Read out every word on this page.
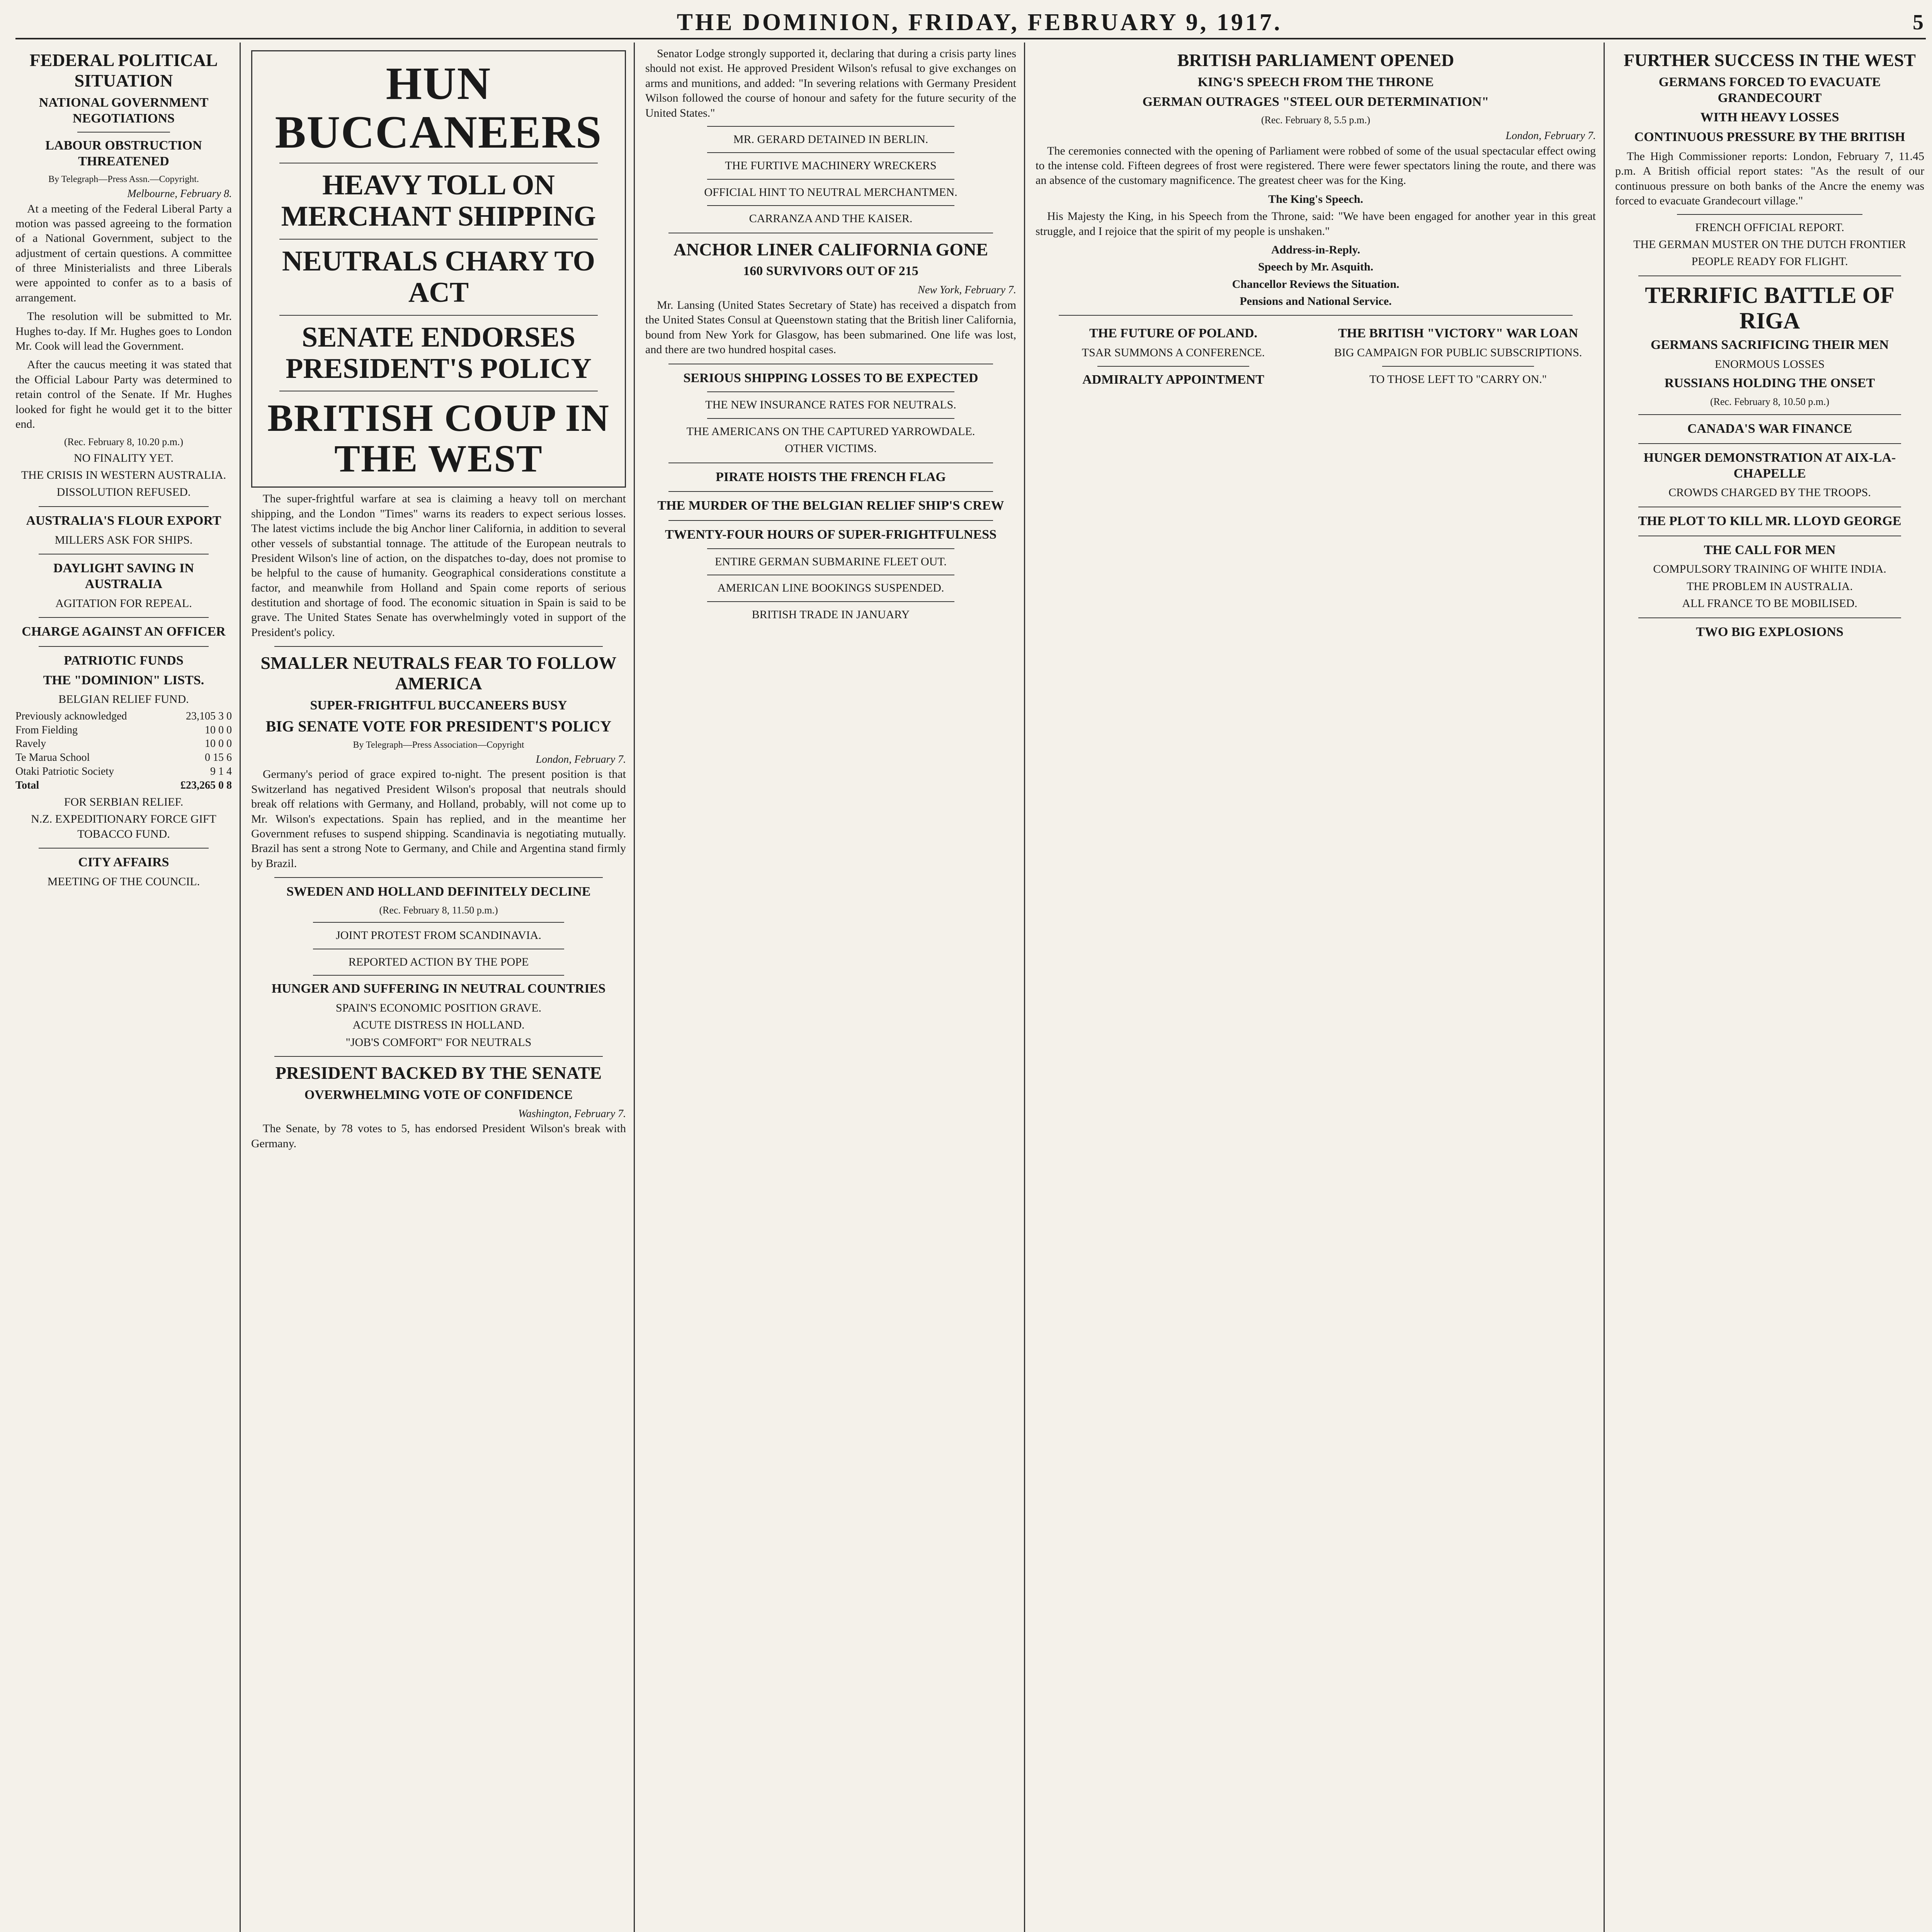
THE DOMINION, FRIDAY, FEBRUARY 9, 1917.	5
FEDERAL POLITICAL SITUATION
NATIONAL GOVERNMENT NEGOTIATIONS
LABOUR OBSTRUCTION THREATENED
By Telegraph—Press Assn.—Copyright.
Melbourne, February 8.

At a meeting of the Federal Liberal Party a motion was passed agreeing to the formation of a National Government, subject to the adjustment of certain questions. A committee of three Ministerialists and three Liberals were appointed to confer as to a basis of arrangement.

The resolution will be submitted to Mr. Hughes to-day. If Mr. Hughes goes to London Mr. Cook will lead the Government.

After the caucus meeting it was stated that the Official Labour Party was determined to retain control of the Senate. If Mr. Hughes looked for fight he would get it to the bitter end.

(Rec. February 8, 10.20 p.m.)
NO FINALITY YET.
THE CRISIS IN WESTERN AUSTRALIA.
DISSOLUTION REFUSED.
AUSTRALIA'S FLOUR EXPORT
MILLERS ASK FOR SHIPS.
DAYLIGHT SAVING IN AUSTRALIA
AGITATION FOR REPEAL.
CHARGE AGAINST AN OFFICER
PATRIOTIC FUNDS
THE "DOMINION" LISTS.
BELGIAN RELIEF FUND.
Previously acknowledged	23,105 3 0
From Fielding	10 0 0
Ravely	10 0 0
Te Marua School	0 15 6
Otaki Patriotic Society	9 1 4
Total	£23,265 0 8
FOR SERBIAN RELIEF.
N.Z. EXPEDITIONARY FORCE GIFT TOBACCO FUND.
CITY AFFAIRS
MEETING OF THE COUNCIL.
HUN BUCCANEERS
HEAVY TOLL ON MERCHANT SHIPPING
NEUTRALS CHARY TO ACT
SENATE ENDORSES PRESIDENT'S POLICY
BRITISH COUP IN THE WEST

The super-frightful warfare at sea is claiming a heavy toll on merchant shipping, and the London "Times" warns its readers to expect serious losses. The latest victims include the big Anchor liner California, in addition to several other vessels of substantial tonnage. The attitude of the European neutrals to President Wilson's line of action, on the dispatches to-day, does not promise to be helpful to the cause of humanity. Geographical considerations constitute a factor, and meanwhile from Holland and Spain come reports of serious destitution and shortage of food. The economic situation in Spain is said to be grave. The United States Senate has overwhelmingly voted in support of the President's policy.

SMALLER NEUTRALS FEAR TO FOLLOW AMERICA
SUPER-FRIGHTFUL BUCCANEERS BUSY
BIG SENATE VOTE FOR PRESIDENT'S POLICY
By Telegraph—Press Association—Copyright
London, February 7.

Germany's period of grace expired to-night. The present position is that Switzerland has negatived President Wilson's proposal that neutrals should break off relations with Germany, and Holland, probably, will not come up to Mr. Wilson's expectations. Spain has replied, and in the meantime her Government refuses to suspend shipping. Scandinavia is negotiating mutually. Brazil has sent a strong Note to Germany, and Chile and Argentina stand firmly by Brazil.

SWEDEN AND HOLLAND DEFINITELY DECLINE
(Rec. February 8, 11.50 p.m.)
JOINT PROTEST FROM SCANDINAVIA.
REPORTED ACTION BY THE POPE
HUNGER AND SUFFERING IN NEUTRAL COUNTRIES
SPAIN'S ECONOMIC POSITION GRAVE.
ACUTE DISTRESS IN HOLLAND.
"JOB'S COMFORT" FOR NEUTRALS
PRESIDENT BACKED BY THE SENATE
OVERWHELMING VOTE OF CONFIDENCE
Washington, February 7.

The Senate, by 78 votes to 5, has endorsed President Wilson's break with Germany.

Senator Lodge strongly supported it, declaring that during a crisis party lines should not exist. He approved President Wilson's refusal to give exchanges on arms and munitions, and added: "In severing relations with Germany President Wilson followed the course of honour and safety for the future security of the United States."

MR. GERARD DETAINED IN BERLIN.
THE FURTIVE MACHINERY WRECKERS
OFFICIAL HINT TO NEUTRAL MERCHANTMEN.
CARRANZA AND THE KAISER.
ANCHOR LINER CALIFORNIA GONE
160 SURVIVORS OUT OF 215
New York, February 7.

Mr. Lansing (United States Secretary of State) has received a dispatch from the United States Consul at Queenstown stating that the British liner California, bound from New York for Glasgow, has been submarined. One life was lost, and there are two hundred hospital cases.

SERIOUS SHIPPING LOSSES TO BE EXPECTED
THE NEW INSURANCE RATES FOR NEUTRALS.
THE AMERICANS ON THE CAPTURED YARROWDALE.
OTHER VICTIMS.
PIRATE HOISTS THE FRENCH FLAG
THE MURDER OF THE BELGIAN RELIEF SHIP'S CREW
TWENTY-FOUR HOURS OF SUPER-FRIGHTFULNESS
ENTIRE GERMAN SUBMARINE FLEET OUT.
AMERICAN LINE BOOKINGS SUSPENDED.
BRITISH TRADE IN JANUARY
BRITISH PARLIAMENT OPENED
KING'S SPEECH FROM THE THRONE
GERMAN OUTRAGES "STEEL OUR DETERMINATION"
(Rec. February 8, 5.5 p.m.)
London, February 7.

The ceremonies connected with the opening of Parliament were robbed of some of the usual spectacular effect owing to the intense cold. Fifteen degrees of frost were registered. There were fewer spectators lining the route, and there was an absence of the customary magnificence. The greatest cheer was for the King.

The King's Speech.

His Majesty the King, in his Speech from the Throne, said: "We have been engaged for another year in this great struggle, and I rejoice that the spirit of my people is unshaken."

Address-in-Reply.
Speech by Mr. Asquith.
Chancellor Reviews the Situation.
Pensions and National Service.
THE FUTURE OF POLAND.
TSAR SUMMONS A CONFERENCE.
ADMIRALTY APPOINTMENT
THE BRITISH "VICTORY" WAR LOAN
BIG CAMPAIGN FOR PUBLIC SUBSCRIPTIONS.
TO THOSE LEFT TO "CARRY ON."
FURTHER SUCCESS IN THE WEST
GERMANS FORCED TO EVACUATE GRANDECOURT
WITH HEAVY LOSSES
CONTINUOUS PRESSURE BY THE BRITISH

The High Commissioner reports: London, February 7, 11.45 p.m. A British official report states: "As the result of our continuous pressure on both banks of the Ancre the enemy was forced to evacuate Grandecourt village."

FRENCH OFFICIAL REPORT.
THE GERMAN MUSTER ON THE DUTCH FRONTIER
PEOPLE READY FOR FLIGHT.
TERRIFIC BATTLE OF RIGA
GERMANS SACRIFICING THEIR MEN
ENORMOUS LOSSES
RUSSIANS HOLDING THE ONSET
(Rec. February 8, 10.50 p.m.)
CANADA'S WAR FINANCE
HUNGER DEMONSTRATION AT AIX-LA-CHAPELLE
CROWDS CHARGED BY THE TROOPS.
THE PLOT TO KILL MR. LLOYD GEORGE
THE CALL FOR MEN
COMPULSORY TRAINING OF WHITE INDIA.
THE PROBLEM IN AUSTRALIA.
ALL FRANCE TO BE MOBILISED.
TWO BIG EXPLOSIONS
